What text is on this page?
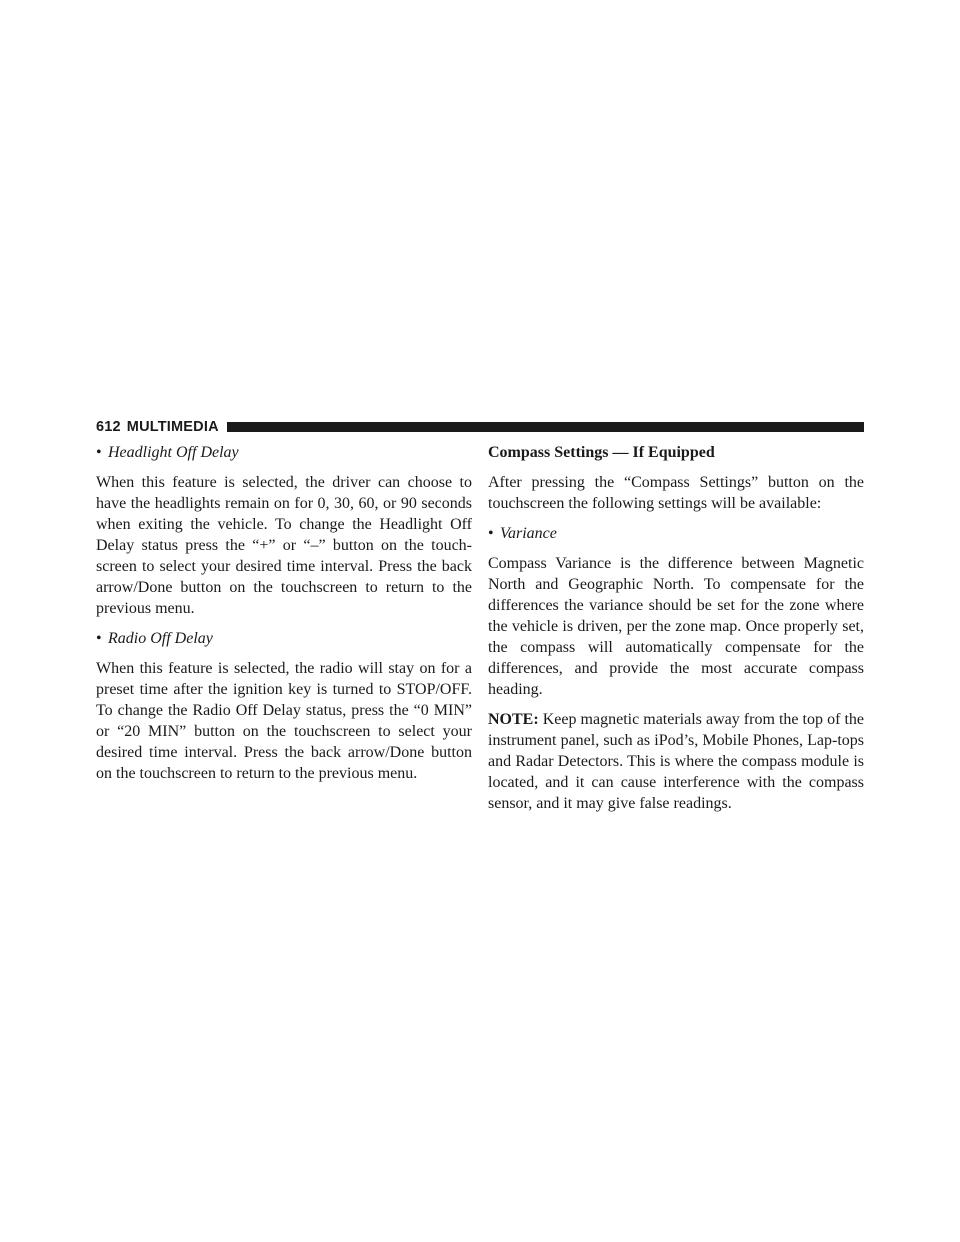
612 MULTIMEDIA
• Headlight Off Delay

When this feature is selected, the driver can choose to have the headlights remain on for 0, 30, 60, or 90 seconds when exiting the vehicle. To change the Headlight Off Delay status press the “+” or “–” button on the touch-screen to select your desired time interval. Press the back arrow/Done button on the touchscreen to return to the previous menu.

• Radio Off Delay

When this feature is selected, the radio will stay on for a preset time after the ignition key is turned to STOP/OFF. To change the Radio Off Delay status, press the “0 MIN” or “20 MIN” button on the touchscreen to select your desired time interval. Press the back arrow/Done button on the touchscreen to return to the previous menu.

Compass Settings — If Equipped

After pressing the “Compass Settings” button on the touchscreen the following settings will be available:

• Variance

Compass Variance is the difference between Magnetic North and Geographic North. To compensate for the differences the variance should be set for the zone where the vehicle is driven, per the zone map. Once properly set, the compass will automatically compensate for the differences, and provide the most accurate compass heading.

NOTE: Keep magnetic materials away from the top of the instrument panel, such as iPod’s, Mobile Phones, Lap-tops and Radar Detectors. This is where the compass module is located, and it can cause interference with the compass sensor, and it may give false readings.
